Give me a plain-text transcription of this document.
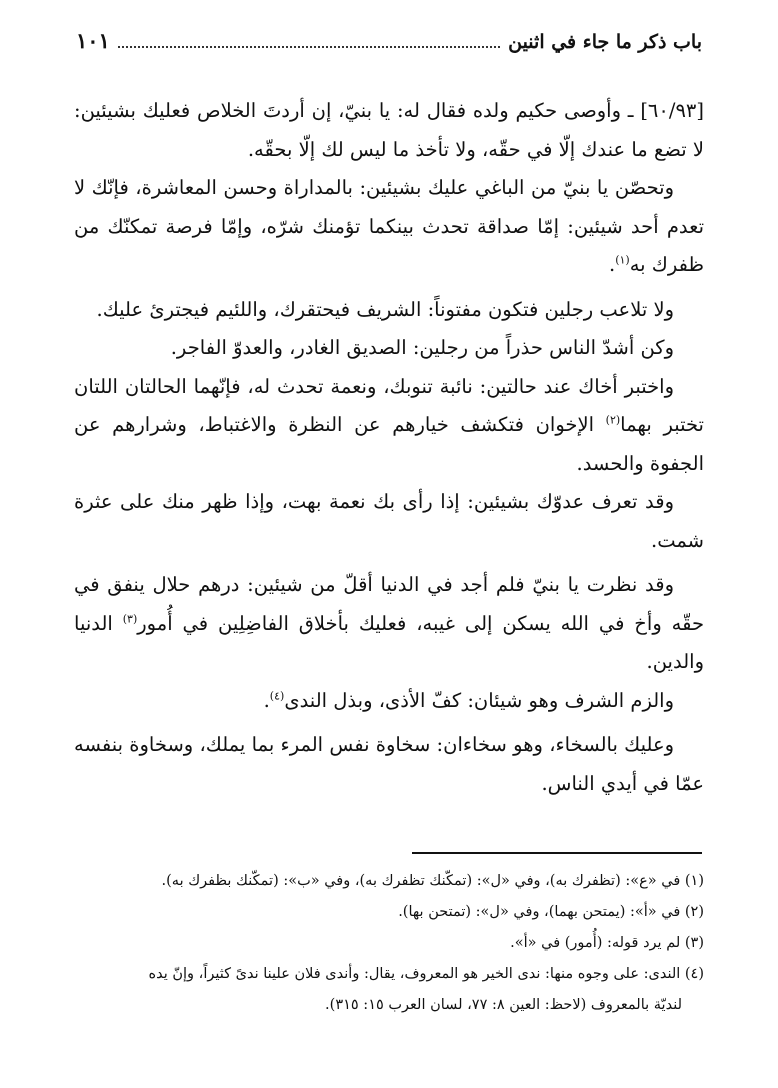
باب ذكر ما جاء في اثنين
١٠١

[٦٠/٩٣] ـ وأوصى حكيم ولده فقال له: يا بنيّ، إن أردتَ الخلاص فعليك بشيئين: لا تضع ما عندك إلّا في حقّه، ولا تأخذ ما ليس لك إلّا بحقّه.

وتحصّن يا بنيّ من الباغي عليك بشيئين: بالمداراة وحسن المعاشرة، فإنّك لا تعدم أحد شيئين: إمّا صداقة تحدث بينكما تؤمنك شرّه، وإمّا فرصة تمكنّك من ظفرك به$^{(١)}$.

ولا تلاعب رجلين فتكون مفتوناً: الشريف فيحتقرك، واللئيم فيجترئ عليك.

وكن أشدّ الناس حذراً من رجلين: الصديق الغادر، والعدوّ الفاجر.

واختبر أخاك عند حالتين: نائبة تنوبك، ونعمة تحدث له، فإنّهما الحالتان اللتان تختبر بهما$^{(٢)}$ الإخوان فتكشف خيارهم عن النظرة والاغتباط، وشرارهم عن الجفوة والحسد.

وقد تعرف عدوّك بشيئين: إذا رأى بك نعمة بهت، وإذا ظهر منك على عثرة شمت.

وقد نظرت يا بنيّ فلم أجد في الدنيا أقلّ من شيئين: درهم حلال ينفق في حقّه وأخ في الله يسكن إلى غيبه، فعليك بأخلاق الفاضِلِين في أُمور$^{(٣)}$ الدنيا والدين.

والزم الشرف وهو شيئان: كفّ الأذى، وبذل الندى$^{(٤)}$.

وعليك بالسخاء، وهو سخاءان: سخاوة نفس المرء بما يملك، وسخاوة بنفسه عمّا في أيدي الناس.

(١) في «ع»: (تظفرك به)، وفي «ل»: (تمكّنك تظفرك به)، وفي «ب»: (تمكّنك بظفرك به).

(٢) في «أ»: (يمتحن بهما)، وفي «ل»: (تمتحن بها).

(٣) لم يرد قوله: (أُمور) في «أ».

(٤) الندى: على وجوه منها: ندى الخير هو المعروف، يقال: وأندى فلان علينا ندىً كثيراً، وإنّ يده

لنديّة بالمعروف (لاحظ: العين ٨: ٧٧، لسان العرب ١٥: ٣١٥).
